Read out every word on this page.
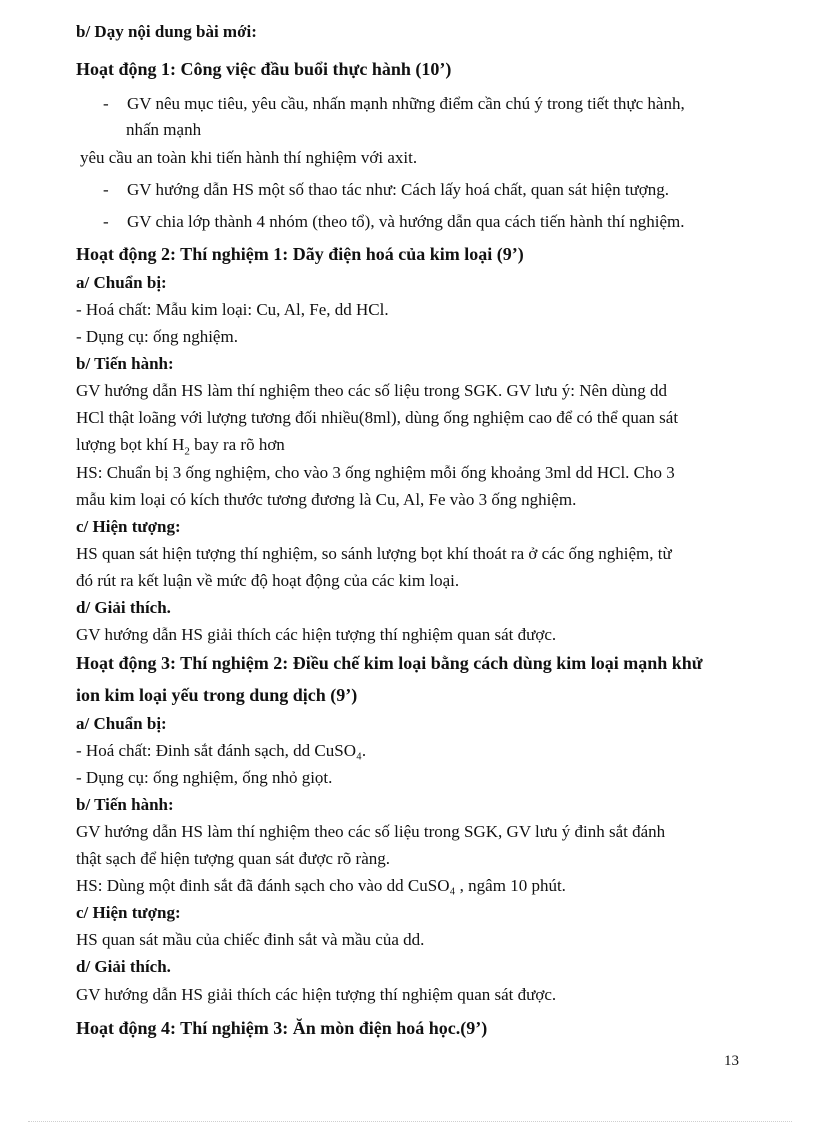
b/ Dạy nội dung bài mới:
Hoạt động 1: Công việc đầu buổi thực hành (10’)
- GV nêu mục tiêu, yêu cầu, nhấn mạnh những điểm cần chú ý trong tiết thực hành,
nhấn mạnh
yêu cầu an toàn khi tiến hành thí nghiệm với axit.
- GV hướng dẫn HS một số thao tác như: Cách lấy hoá chất, quan sát hiện tượng.
- GV chia lớp thành 4 nhóm (theo tổ), và hướng dẫn qua cách tiến hành thí nghiệm.
Hoạt động 2: Thí nghiệm 1: Dãy điện hoá của kim loại (9’)
a/ Chuẩn bị:
- Hoá chất: Mẫu kim loại: Cu, Al, Fe, dd HCl.
- Dụng cụ: ống nghiệm.
b/ Tiến hành:
GV hướng dẫn HS làm thí nghiệm theo các số liệu trong SGK. GV lưu ý: Nên dùng dd
HCl thật loãng với lượng tương đối nhiều(8ml), dùng ống nghiệm cao để có thể quan sát
lượng bọt khí $H_2$ bay ra rõ hơn
HS: Chuẩn bị 3 ống nghiệm, cho vào 3 ống nghiệm mỗi ống khoảng 3ml dd HCl. Cho 3
mẫu kim loại có kích thước tương đương là Cu, Al, Fe vào 3 ống nghiệm.
c/ Hiện tượng:
HS quan sát hiện tượng thí nghiệm, so sánh lượng bọt khí thoát ra ở các ống nghiệm, từ
đó rút ra kết luận về mức độ hoạt động của các kim loại.
d/ Giải thích.
GV hướng dẫn HS giải thích các hiện tượng thí nghiệm quan sát được.
Hoạt động 3: Thí nghiệm 2: Điều chế kim loại bằng cách dùng kim loại mạnh khử
ion kim loại yếu trong dung dịch (9’)
a/ Chuẩn bị:
- Hoá chất: Đinh sắt đánh sạch, dd CuSO₄.
- Dụng cụ: ống nghiệm, ống nhỏ giọt.
b/ Tiến hành:
GV hướng dẫn HS làm thí nghiệm theo các số liệu trong SGK, GV lưu ý đinh sắt đánh
thật sạch để hiện tượng quan sát được rõ ràng.
HS: Dùng một đinh sắt đã đánh sạch cho vào dd CuSO₄ , ngâm 10 phút.
c/ Hiện tượng:
HS quan sát mầu của chiếc đinh sắt và mầu của dd.
d/ Giải thích.
GV hướng dẫn HS giải thích các hiện tượng thí nghiệm quan sát được.
Hoạt động 4: Thí nghiệm 3: Ăn mòn điện hoá học.(9’)
13
